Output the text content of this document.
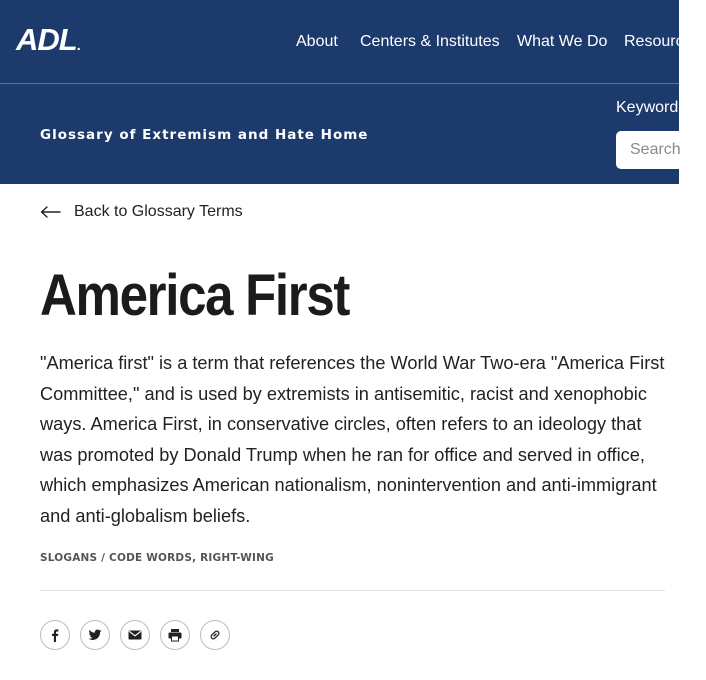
ADL.	About Centers & Institutes What We Do Resources
Glossary of Extremism and Hate Home
Keywords
Search
Back to Glossary Terms
America First

"America first" is a term that references the World War Two-era "America First Committee," and is used by extremists in antisemitic, racist and xenophobic ways. America First, in conservative circles, often refers to an ideology that was promoted by Donald Trump when he ran for office and served in office, which emphasizes American nationalism, nonintervention and anti-immigrant and anti-globalism beliefs.

SLOGANS / CODE WORDS, RIGHT-WING
